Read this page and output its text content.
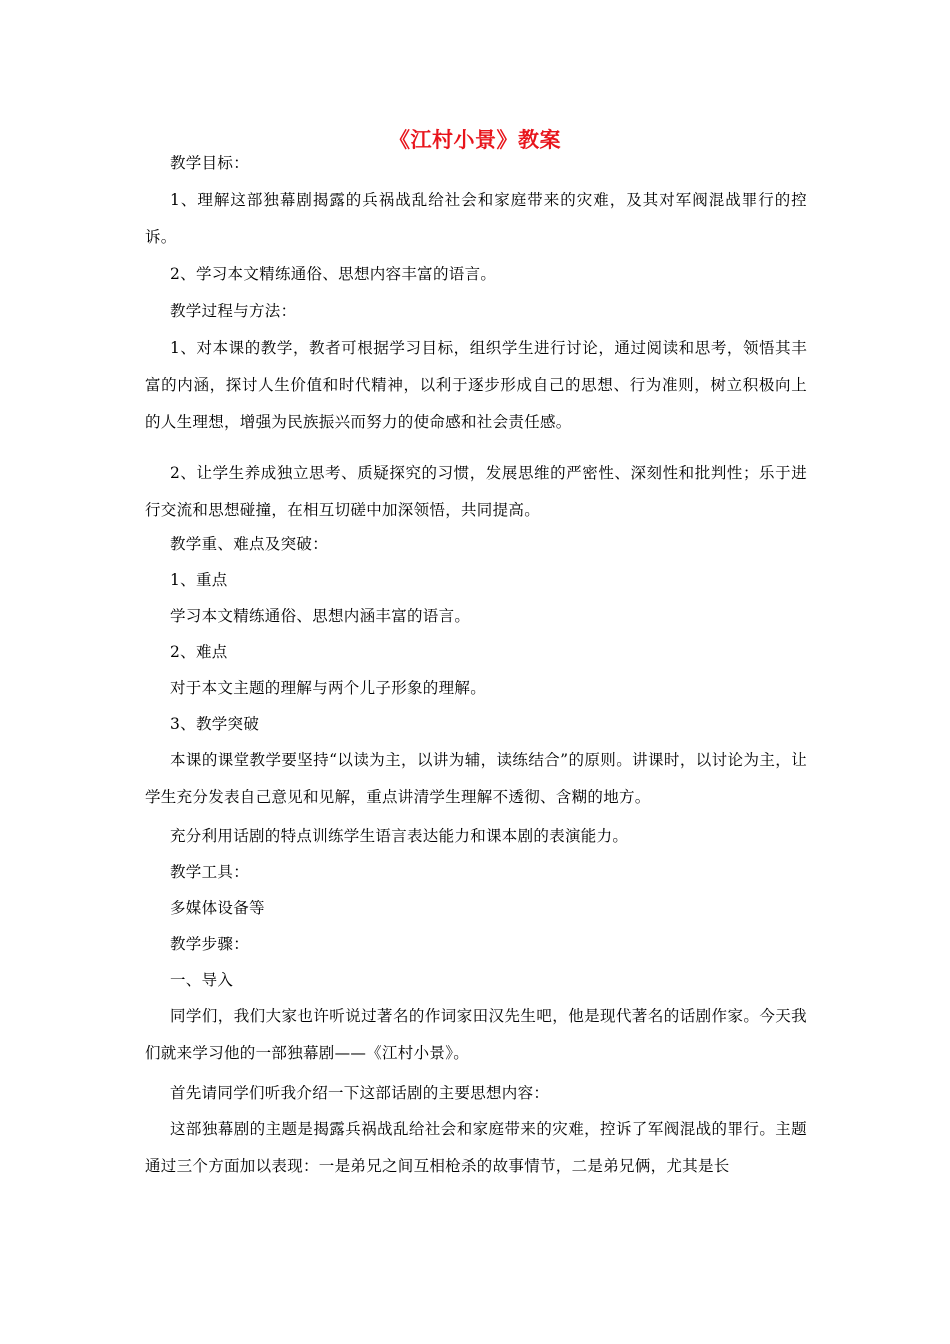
《江村小景》教案

教学目标：

1、理解这部独幕剧揭露的兵祸战乱给社会和家庭带来的灾难，及其对军阀混战罪行的控诉。

2、学习本文精练通俗、思想内容丰富的语言。

教学过程与方法：

1、对本课的教学，教者可根据学习目标，组织学生进行讨论，通过阅读和思考，领悟其丰富的内涵，探讨人生价值和时代精神，以利于逐步形成自己的思想、行为准则，树立积极向上的人生理想，增强为民族振兴而努力的使命感和社会责任感。

2、让学生养成独立思考、质疑探究的习惯，发展思维的严密性、深刻性和批判性；乐于进行交流和思想碰撞，在相互切磋中加深领悟，共同提高。

教学重、难点及突破：

1、重点

学习本文精练通俗、思想内涵丰富的语言。

2、难点

对于本文主题的理解与两个儿子形象的理解。

3、教学突破

本课的课堂教学要坚持“以读为主，以讲为辅，读练结合”的原则。讲课时，以讨论为主，让学生充分发表自己意见和见解，重点讲清学生理解不透彻、含糊的地方。

充分利用话剧的特点训练学生语言表达能力和课本剧的表演能力。

教学工具：

多媒体设备等

教学步骤：

一、导入

同学们，我们大家也许听说过著名的作词家田汉先生吧，他是现代著名的话剧作家。今天我们就来学习他的一部独幕剧——《江村小景》。

首先请同学们听我介绍一下这部话剧的主要思想内容：

这部独幕剧的主题是揭露兵祸战乱给社会和家庭带来的灾难，控诉了军阀混战的罪行。主题通过三个方面加以表现：一是弟兄之间互相枪杀的故事情节，二是弟兄俩，尤其是长
